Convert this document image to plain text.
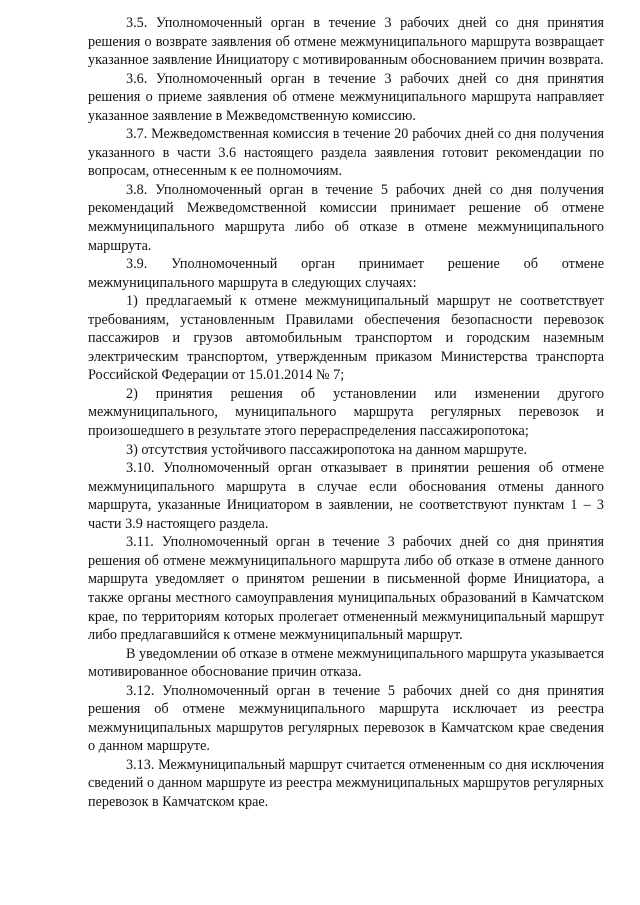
3.5. Уполномоченный орган в течение 3 рабочих дней со дня принятия решения о возврате заявления об отмене межмуниципального маршрута возвращает указанное заявление Инициатору с мотивированным обоснованием причин возврата.

3.6. Уполномоченный орган в течение 3 рабочих дней со дня принятия решения о приеме заявления об отмене межмуниципального маршрута направляет указанное заявление в Межведомственную комиссию.

3.7. Межведомственная комиссия в течение 20 рабочих дней со дня получения указанного в части 3.6 настоящего раздела заявления готовит рекомендации по вопросам, отнесенным к ее полномочиям.

3.8. Уполномоченный орган в течение 5 рабочих дней со дня получения рекомендаций Межведомственной комиссии принимает решение об отмене межмуниципального маршрута либо об отказе в отмене межмуниципального маршрута.

3.9. Уполномоченный орган принимает решение об отмене межмуниципального маршрута в следующих случаях:

1) предлагаемый к отмене межмуниципальный маршрут не соответствует требованиям, установленным Правилами обеспечения безопасности перевозок пассажиров и грузов автомобильным транспортом и городским наземным электрическим транспортом, утвержденным приказом Министерства транспорта Российской Федерации от 15.01.2014 № 7;

2) принятия решения об установлении или изменении другого межмуниципального, муниципального маршрута регулярных перевозок и произошедшего в результате этого перераспределения пассажиропотока;

3) отсутствия устойчивого пассажиропотока на данном маршруте.

3.10. Уполномоченный орган отказывает в принятии решения об отмене межмуниципального маршрута в случае если обоснования отмены данного маршрута, указанные Инициатором в заявлении, не соответствуют пунктам 1 – 3 части 3.9 настоящего раздела.

3.11. Уполномоченный орган в течение 3 рабочих дней со дня принятия решения об отмене межмуниципального маршрута либо об отказе в отмене данного маршрута уведомляет о принятом решении в письменной форме Инициатора, а также органы местного самоуправления муниципальных образований в Камчатском крае, по территориям которых пролегает отмененный межмуниципальный маршрут либо предлагавшийся к отмене межмуниципальный маршрут.

В уведомлении об отказе в отмене межмуниципального маршрута указывается мотивированное обоснование причин отказа.

3.12. Уполномоченный орган в течение 5 рабочих дней со дня принятия решения об отмене межмуниципального маршрута исключает из реестра межмуниципальных маршрутов регулярных перевозок в Камчатском крае сведения о данном маршруте.

3.13. Межмуниципальный маршрут считается отмененным со дня исключения сведений о данном маршруте из реестра межмуниципальных маршрутов регулярных перевозок в Камчатском крае.
